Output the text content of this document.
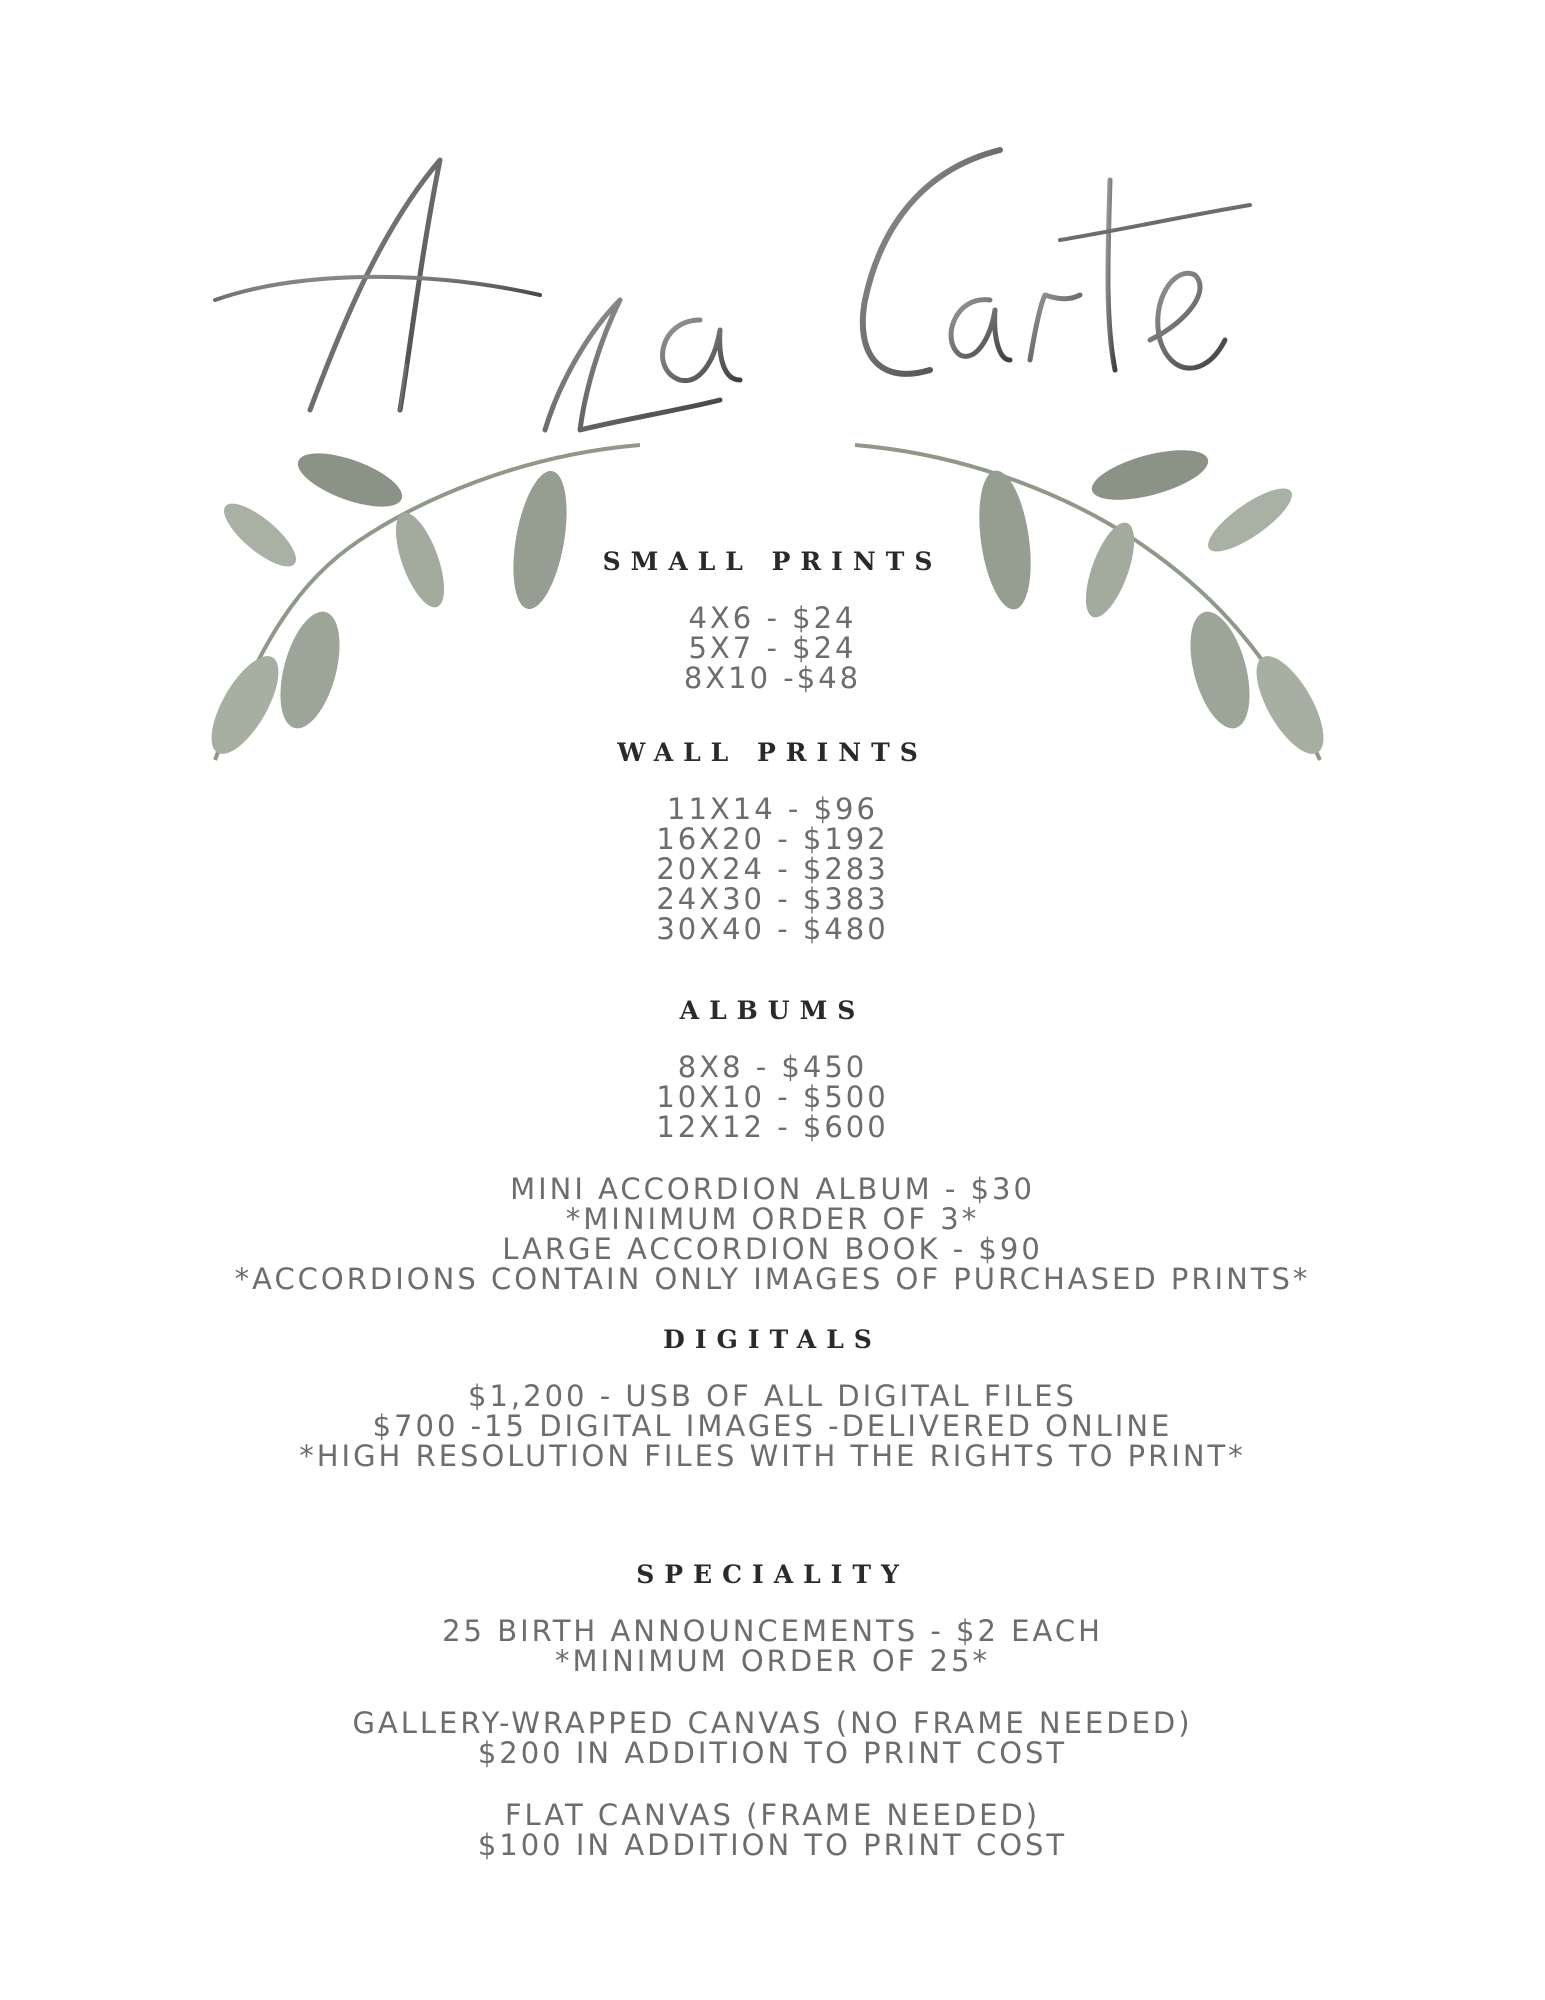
SMALL PRINTS
4X6 - $24
5X7 - $24
8X10 -$48
WALL PRINTS
11X14 - $96
16X20 - $192
20X24 - $283
24X30 - $383
30X40 - $480
ALBUMS
8X8 - $450
10X10 - $500
12X12 - $600
MINI ACCORDION ALBUM - $30
*MINIMUM ORDER OF 3*
LARGE ACCORDION BOOK - $90
*ACCORDIONS CONTAIN ONLY IMAGES OF PURCHASED PRINTS*
DIGITALS
$1,200 - USB OF ALL DIGITAL FILES
$700 -15 DIGITAL IMAGES -DELIVERED ONLINE
*HIGH RESOLUTION FILES WITH THE RIGHTS TO PRINT*
SPECIALITY
25 BIRTH ANNOUNCEMENTS - $2 EACH
*MINIMUM ORDER OF 25*
GALLERY-WRAPPED CANVAS (NO FRAME NEEDED)
$200 IN ADDITION TO PRINT COST
FLAT CANVAS (FRAME NEEDED)
$100 IN ADDITION TO PRINT COST
